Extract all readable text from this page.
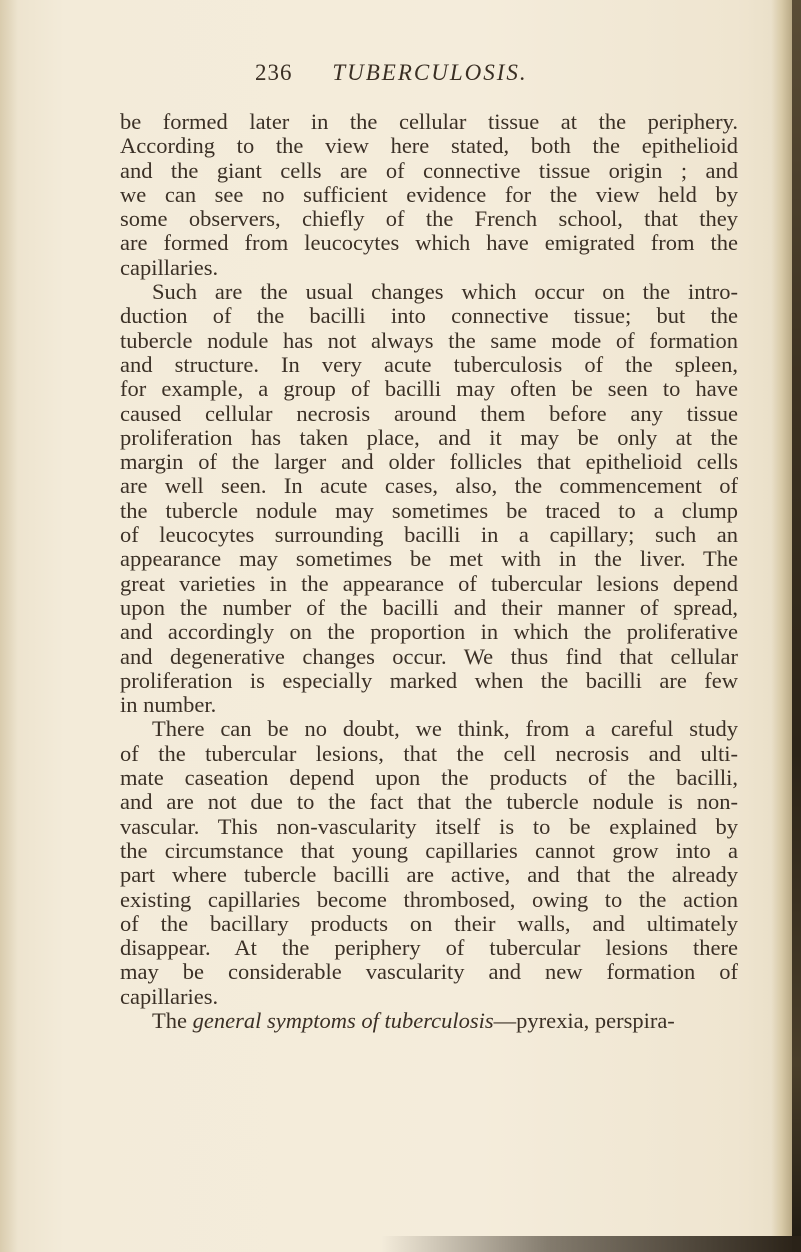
236	TUBERCULOSIS.
be formed later in the cellular tissue at the periphery.
According to the view here stated, both the epithelioid
and the giant cells are of connective tissue origin ; and
we can see no sufficient evidence for the view held by
some observers, chiefly of the French school, that they
are formed from leucocytes which have emigrated from the
capillaries.
Such are the usual changes which occur on the intro-
duction of the bacilli into connective tissue; but the
tubercle nodule has not always the same mode of formation
and structure. In very acute tuberculosis of the spleen,
for example, a group of bacilli may often be seen to have
caused cellular necrosis around them before any tissue
proliferation has taken place, and it may be only at the
margin of the larger and older follicles that epithelioid cells
are well seen. In acute cases, also, the commencement of
the tubercle nodule may sometimes be traced to a clump
of leucocytes surrounding bacilli in a capillary; such an
appearance may sometimes be met with in the liver. The
great varieties in the appearance of tubercular lesions depend
upon the number of the bacilli and their manner of spread,
and accordingly on the proportion in which the proliferative
and degenerative changes occur. We thus find that cellular
proliferation is especially marked when the bacilli are few
in number.
There can be no doubt, we think, from a careful study
of the tubercular lesions, that the cell necrosis and ulti-
mate caseation depend upon the products of the bacilli,
and are not due to the fact that the tubercle nodule is non-
vascular. This non-vascularity itself is to be explained by
the circumstance that young capillaries cannot grow into a
part where tubercle bacilli are active, and that the already
existing capillaries become thrombosed, owing to the action
of the bacillary products on their walls, and ultimately
disappear. At the periphery of tubercular lesions there
may be considerable vascularity and new formation of
capillaries.
The general symptoms of tuberculosis—pyrexia, perspira-
